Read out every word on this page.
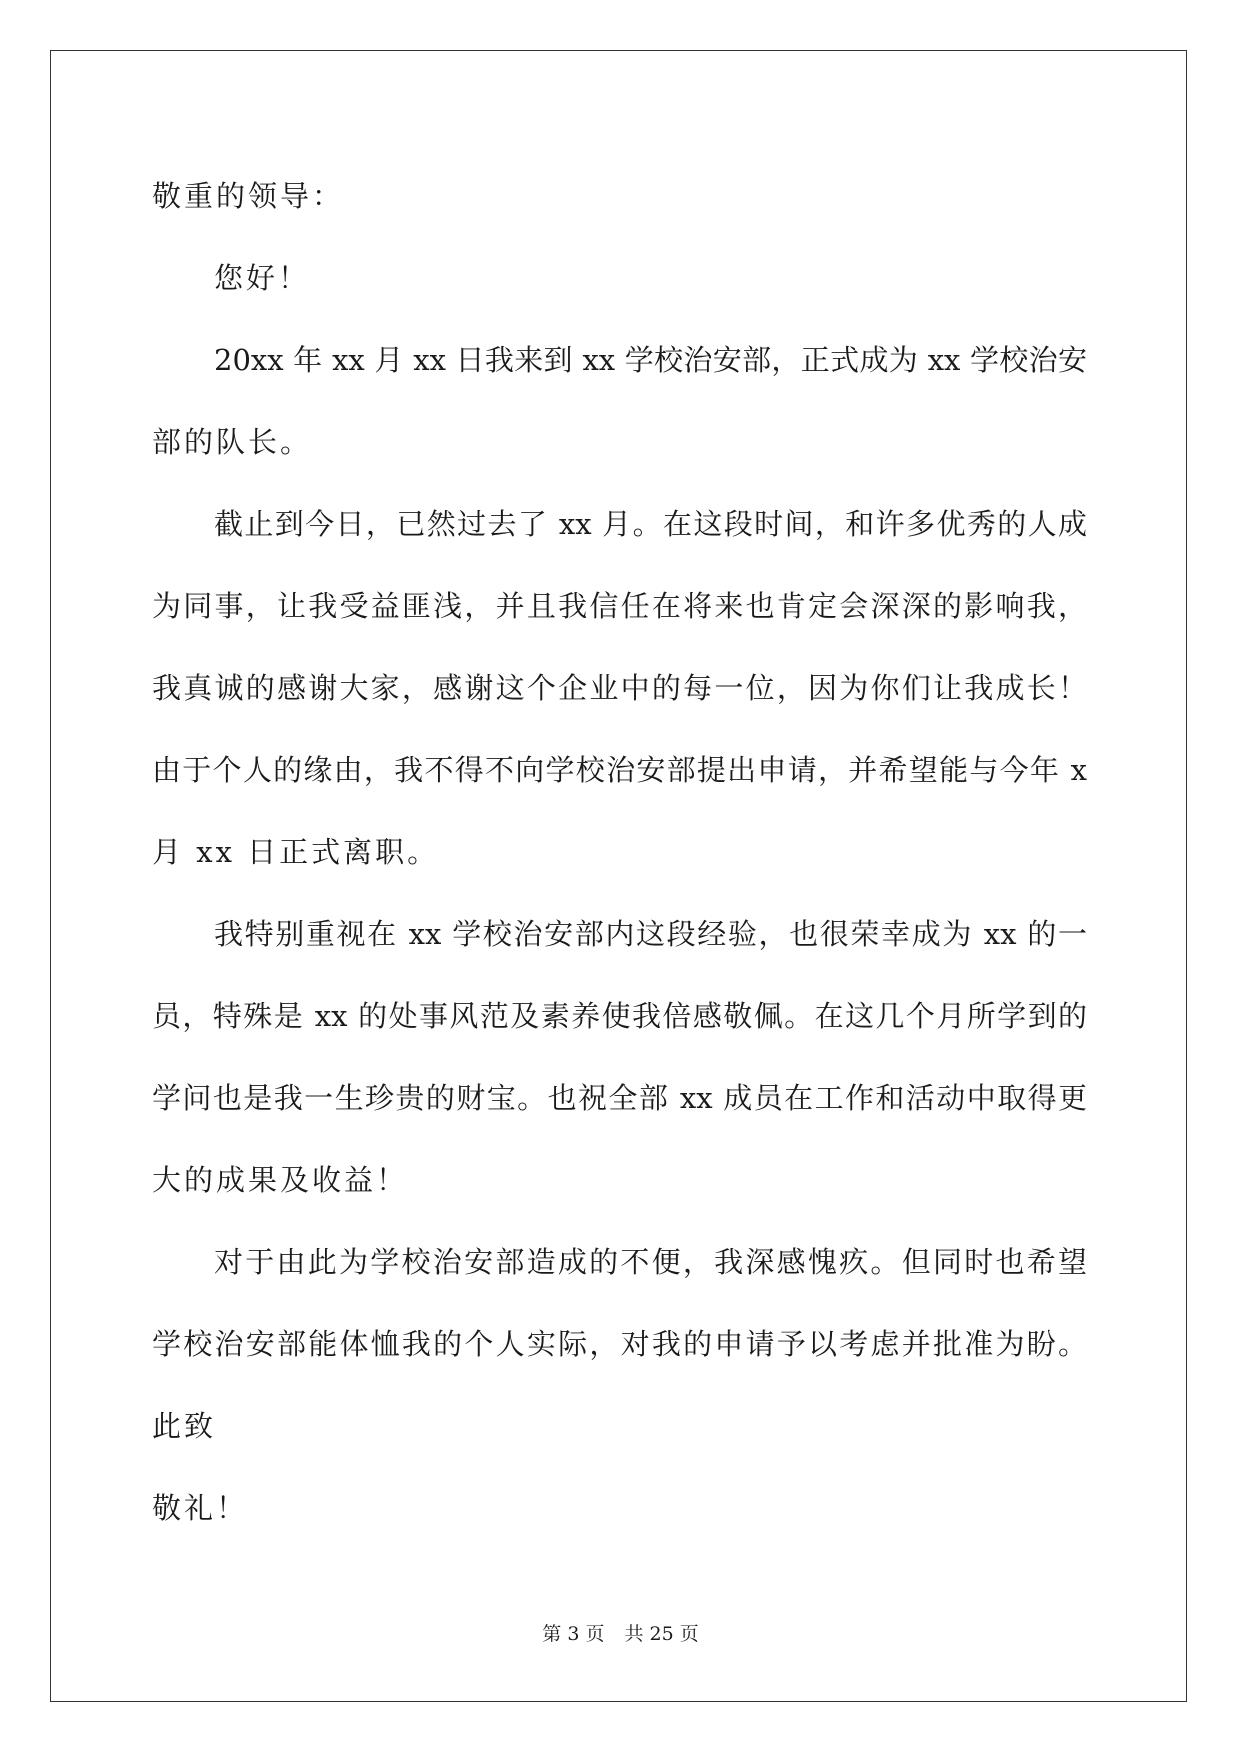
敬重的领导：
您好！
20xx 年 xx 月 xx 日我来到 xx 学校治安部，正式成为 xx 学校治安
部的队长。
截止到今日，已然过去了 xx 月。在这段时间，和许多优秀的人成
为同事，让我受益匪浅，并且我信任在将来也肯定会深深的影响我，
我真诚的感谢大家，感谢这个企业中的每一位，因为你们让我成长！
由于个人的缘由，我不得不向学校治安部提出申请，并希望能与今年 x
月 xx 日正式离职。
我特别重视在 xx 学校治安部内这段经验，也很荣幸成为 xx 的一
员，特殊是 xx 的处事风范及素养使我倍感敬佩。在这几个月所学到的
学问也是我一生珍贵的财宝。也祝全部 xx 成员在工作和活动中取得更
大的成果及收益！
对于由此为学校治安部造成的不便，我深感愧疚。但同时也希望
学校治安部能体恤我的个人实际，对我的申请予以考虑并批准为盼。
此致
敬礼！
第 3 页 共 25 页
